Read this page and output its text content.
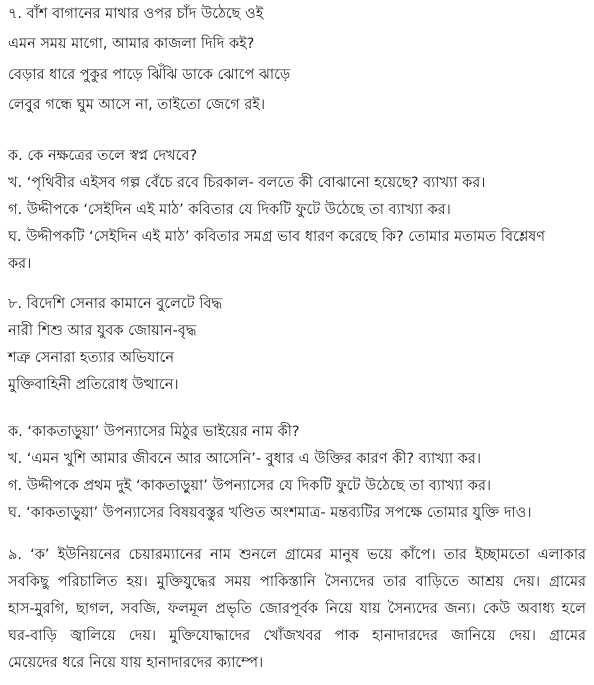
৭. বাঁশ বাগানের মাথার ওপর চাঁদ উঠেছে ওই
এমন সময় মাগো, আমার কাজলা দিদি কই?
বেড়ার ধারে পুকুর পাড়ে ঝিঁঝি ডাকে ঝোপে ঝাড়ে
লেবুর গন্ধে ঘুম আসে না, তাইতো জেগে রই।
ক. কে নক্ষত্রের তলে স্বপ্ন দেখবে?
খ. ‘পৃথিবীর এইসব গল্প বেঁচে রবে চিরকাল- বলতে কী বোঝানো হয়েছে? ব্যাখ্যা কর।
গ. উদ্দীপকে ‘সেইদিন এই মাঠ’ কবিতার যে দিকটি ফুটে উঠেছে তা ব্যাখ্যা কর।
ঘ. উদ্দীপকটি ‘সেইদিন এই মাঠ’ কবিতার সমগ্র ভাব ধারণ করেছে কি? তোমার মতামত বিশ্লেষণ
কর।
৮. বিদেশি সেনার কামানে বুলেটে বিদ্ধ
নারী শিশু আর যুবক জোয়ান-বৃদ্ধ
শত্রু সেনারা হত্যার অভিযানে
মুক্তিবাহিনী প্রতিরোধ উত্থানে।
ক. ‘কাকতাড়ুয়া’ উপন্যাসের মিঠুর ভাইয়ের নাম কী?
খ. ‘এমন খুশি আমার জীবনে আর আসেনি’- বুধার এ উক্তির কারণ কী? ব্যাখ্যা কর।
গ. উদ্দীপকে প্রথম দুই ‘কাকতাড়ুয়া’ উপন্যাসের যে দিকটি ফুটে উঠেছে তা ব্যাখ্যা কর।
ঘ. ‘কাকতাড়ুয়া’ উপন্যাসের বিষয়বস্তুর খণ্ডিত অংশমাত্র- মন্তব্যটির সপক্ষে তোমার যুক্তি দাও।
৯. ‘ক’ ইউনিয়নের চেয়ারম্যানের নাম শুনলে গ্রামের মানুষ ভয়ে কাঁপে। তার ইচ্ছামতো এলাকার
সবকিছু পরিচালিত হয়। মুক্তিযুদ্ধের সময় পাকিস্তানি সৈন্যদের তার বাড়িতে আশ্রয় দেয়। গ্রামের
হাস-মুরগি, ছাগল, সবজি, ফলমূল প্রভৃতি জোরপূর্বক নিয়ে যায় সৈন্যদের জন্য। কেউ অবাধ্য হলে
ঘর-বাড়ি জ্বালিয়ে দেয়। মুক্তিযোদ্ধাদের খোঁজখবর পাক হানাদারদের জানিয়ে দেয়। গ্রামের
মেয়েদের ধরে নিয়ে যায় হানাদারদের ক্যাম্পে।
